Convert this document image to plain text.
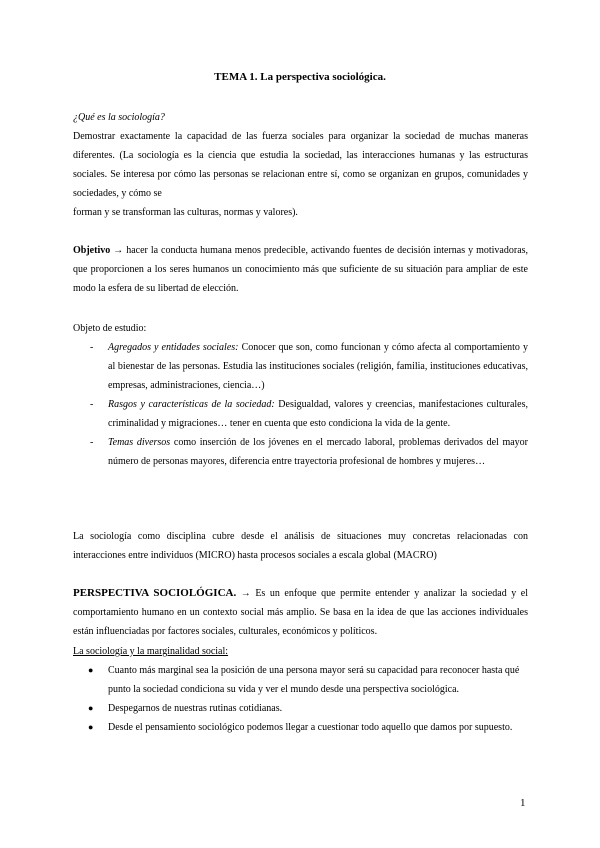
TEMA 1. La perspectiva sociológica.
¿Qué es la sociología?
Demostrar exactamente la capacidad de las fuerza sociales para organizar la sociedad de muchas maneras diferentes. (La sociología es la ciencia que estudia la sociedad, las interacciones humanas y las estructuras sociales. Se interesa por cómo las personas se relacionan entre sí, como se organizan en grupos, comunidades y sociedades, y cómo se
forman y se transforman las culturas, normas y valores).
Objetivo → hacer la conducta humana menos predecible, activando fuentes de decisión internas y motivadoras, que proporcionen a los seres humanos un conocimiento más que suficiente de su situación para ampliar de este modo la esfera de su libertad de elección.
Objeto de estudio:
- Agregados y entidades sociales: Conocer que son, como funcionan y cómo afecta al comportamiento y al bienestar de las personas. Estudia las instituciones sociales (religión, familia, instituciones educativas, empresas, administraciones, ciencia…)
- Rasgos y características de la sociedad: Desigualdad, valores y creencias, manifestaciones culturales, criminalidad y migraciones… tener en cuenta que esto condiciona la vida de la gente.
- Temas diversos como inserción de los jóvenes en el mercado laboral, problemas derivados del mayor número de personas mayores, diferencia entre trayectoria profesional de hombres y mujeres…
La sociología como disciplina cubre desde el análisis de situaciones muy concretas relacionadas con interacciones entre individuos (MICRO) hasta procesos sociales a escala global (MACRO)
PERSPECTIVA SOCIOLÓGICA. → Es un enfoque que permite entender y analizar la sociedad y el comportamiento humano en un contexto social más amplio. Se basa en la idea de que las acciones individuales están influenciadas por factores sociales, culturales, económicos y políticos.
La sociología y la marginalidad social:
● Cuanto más marginal sea la posición de una persona mayor será su capacidad para reconocer hasta qué punto la sociedad condiciona su vida y ver el mundo desde una perspectiva sociológica.
● Despegarnos de nuestras rutinas cotidianas.
● Desde el pensamiento sociológico podemos llegar a cuestionar todo aquello que damos por supuesto.
1
